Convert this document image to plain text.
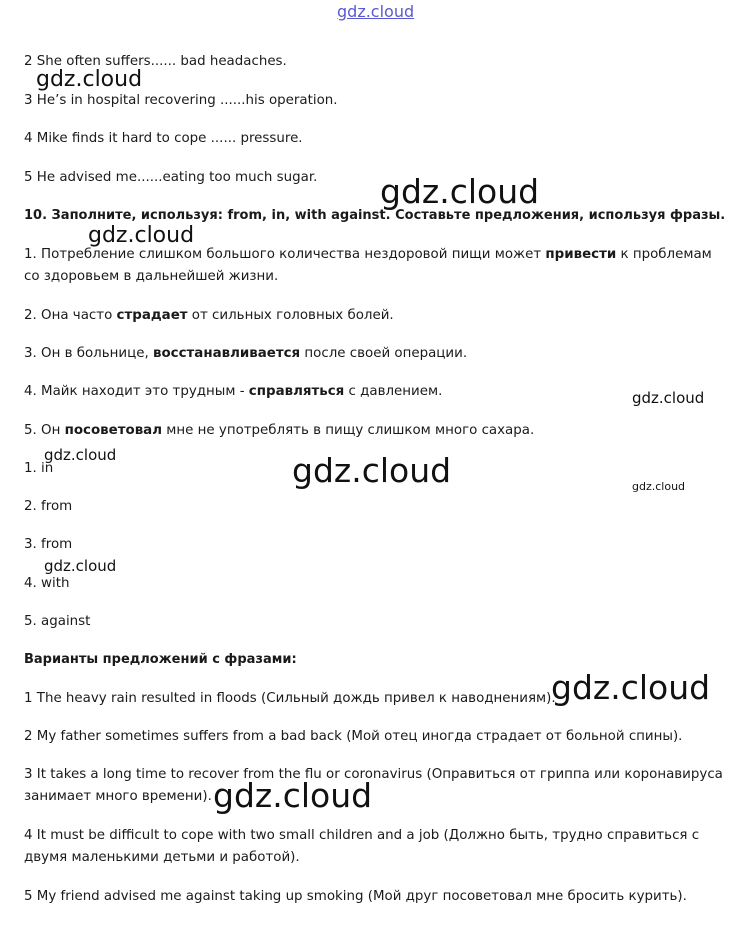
gdz.cloud
gdz.cloud
gdz.cloud
gdz.cloud
gdz.cloud
gdz.cloud	gdz.cloud	gdz.cloud
gdz.cloud
gdz.cloud
gdz.cloud
2 She often suffers...... bad headaches.
3 He’s in hospital recovering ......his operation.
4 Mike finds it hard to cope ...... pressure.
5 He advised me......eating too much sugar.
10. Заполните, используя: from, in, with against. Составьте предложения, используя фразы.
1. Потребление слишком большого количества нездоровой пищи может привести к проблемам со здоровьем в дальнейшей жизни.
2. Она часто страдает от сильных головных болей.
3. Он в больнице, восстанавливается после своей операции.
4. Майк находит это трудным - справляться с давлением.
5. Он посоветовал мне не употреблять в пищу слишком много сахара.
1. in
2. from
3. from
4. with
5. against
Варианты предложений с фразами:
1 The heavy rain resulted in floods (Сильный дождь привел к наводнениям).
2 My father sometimes suffers from a bad back (Мой отец иногда страдает от больной спины).
3 It takes a long time to recover from the flu or coronavirus (Оправиться от гриппа или коронавируса занимает много времени).
4 It must be difficult to cope with two small children and a job (Должно быть, трудно справиться с двумя маленькими детьми и работой).
5 My friend advised me against taking up smoking (Мой друг посоветовал мне бросить курить).
